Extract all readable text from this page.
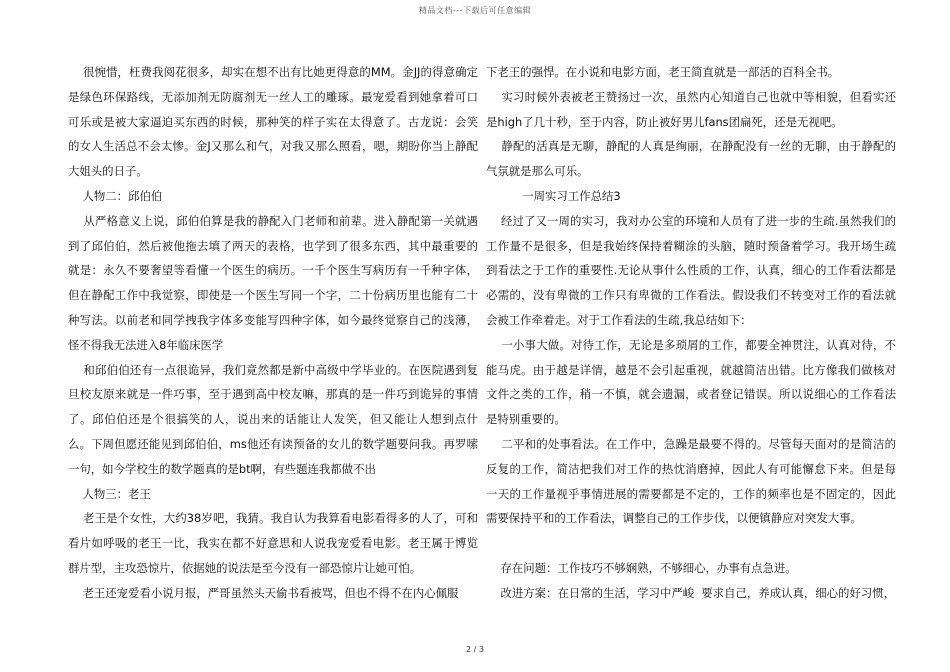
精品文档---下载后可任意编辑

很惋惜，枉费我阅花很多，却实在想不出有比她更得意的MM。金JJ的得意确定是绿色环保路线，无添加剂无防腐剂无一丝人工的雕琢。最宠爱看到她拿着可口可乐或是被大家逼迫买东西的时候，那种笑的样子实在太得意了。古龙说：会笑的女人生活总不会太惨。金J又那么和气，对我又那么照看，嗯，期盼你当上静配大姐头的日子。

人物二：邱伯伯

从严格意义上说，邱伯伯算是我的静配入门老师和前辈。进入静配第一关就遇到了邱伯伯，然后被他拖去填了两天的表格，也学到了很多东西，其中最重要的就是：永久不要奢望等看懂一个医生的病历。一千个医生写病历有一千种字体，但在静配工作中我觉察，即使是一个医生写同一个字，二十份病历里也能有二十种写法。以前老和同学拽我字体多变能写四种字体，如今最终觉察自己的浅薄，怪不得我无法进入8年临床医学

和邱伯伯还有一点很诡异，我们竟然都是新中高级中学毕业的。在医院遇到复旦校友原来就是一件巧事，至于遇到高中校友嘛，那真的是一件巧到诡异的事情了。邱伯伯还是个很搞笑的人，说出来的话能让人发笑，但又能让人想到点什么。下周但愿还能见到邱伯伯，ms他还有读预备的女儿的数学题要问我。再罗嗦一句，如今学校生的数学题真的是bt啊，有些题连我都做不出

人物三：老王

老王是个女性，大约38岁吧，我猜。我自认为我算看电影看得多的人了，可和看片如呼吸的老王一比，我实在都不好意思和人说我宠爱看电影。老王属于博览群片型，主攻恐惊片，依据她的说法是至今没有一部恐惊片让她可怕。

老王还宠爱看小说月报，严哥虽然头天偷书看被骂，但也不得不在内心佩服

下老王的强悍。在小说和电影方面，老王简直就是一部活的百科全书。

实习时候外表被老王赞扬过一次，虽然内心知道自己也就中等相貌，但看实还是high了几十秒，至于内容，防止被好男儿fans团扁死，还是无视吧。

静配的活真是无聊，静配的人真是绚丽，在静配没有一丝的无聊，由于静配的气氛就是那么可乐。

一周实习工作总结3

经过了又一周的实习，我对办公室的环境和人员有了进一步的生疏.虽然我们的工作量不是很多，但是我始终保持着糊涂的头脑，随时预备着学习。我开场生疏到看法之于工作的重要性.无论从事什么性质的工作，认真，细心的工作看法都是必需的，没有卑微的工作只有卑微的工作看法。假设我们不转变对工作的看法就会被工作牵着走。对于工作看法的生疏,我总结如下：

一小事大做。对待工作，无论是多琐屑的工作，都要全神贯注，认真对待，不能马虎。由于越是详情，越是不会引起重视，就越简洁出错。比方像我们做核对文件之类的工作，稍一不慎，就会遗漏，或者登记错误。所以说细心的工作看法是特别重要的。

二平和的处事看法。在工作中，急躁是最要不得的。尽管每天面对的是简洁的反复的工作，简洁把我们对工作的热忱消磨掉，因此人有可能懈怠下来。但是每一天的工作量视乎事情进展的需要都是不定的，工作的频率也是不固定的，因此需要保持平和的工作看法，调整自己的工作步伐，以便镇静应对突发大事。

存在问题：工作技巧不够娴熟，不够细心，办事有点急进。

改进方案：在日常的生活，学习中严峻  要求自己，养成认真，细心的好习惯，

2 / 3
